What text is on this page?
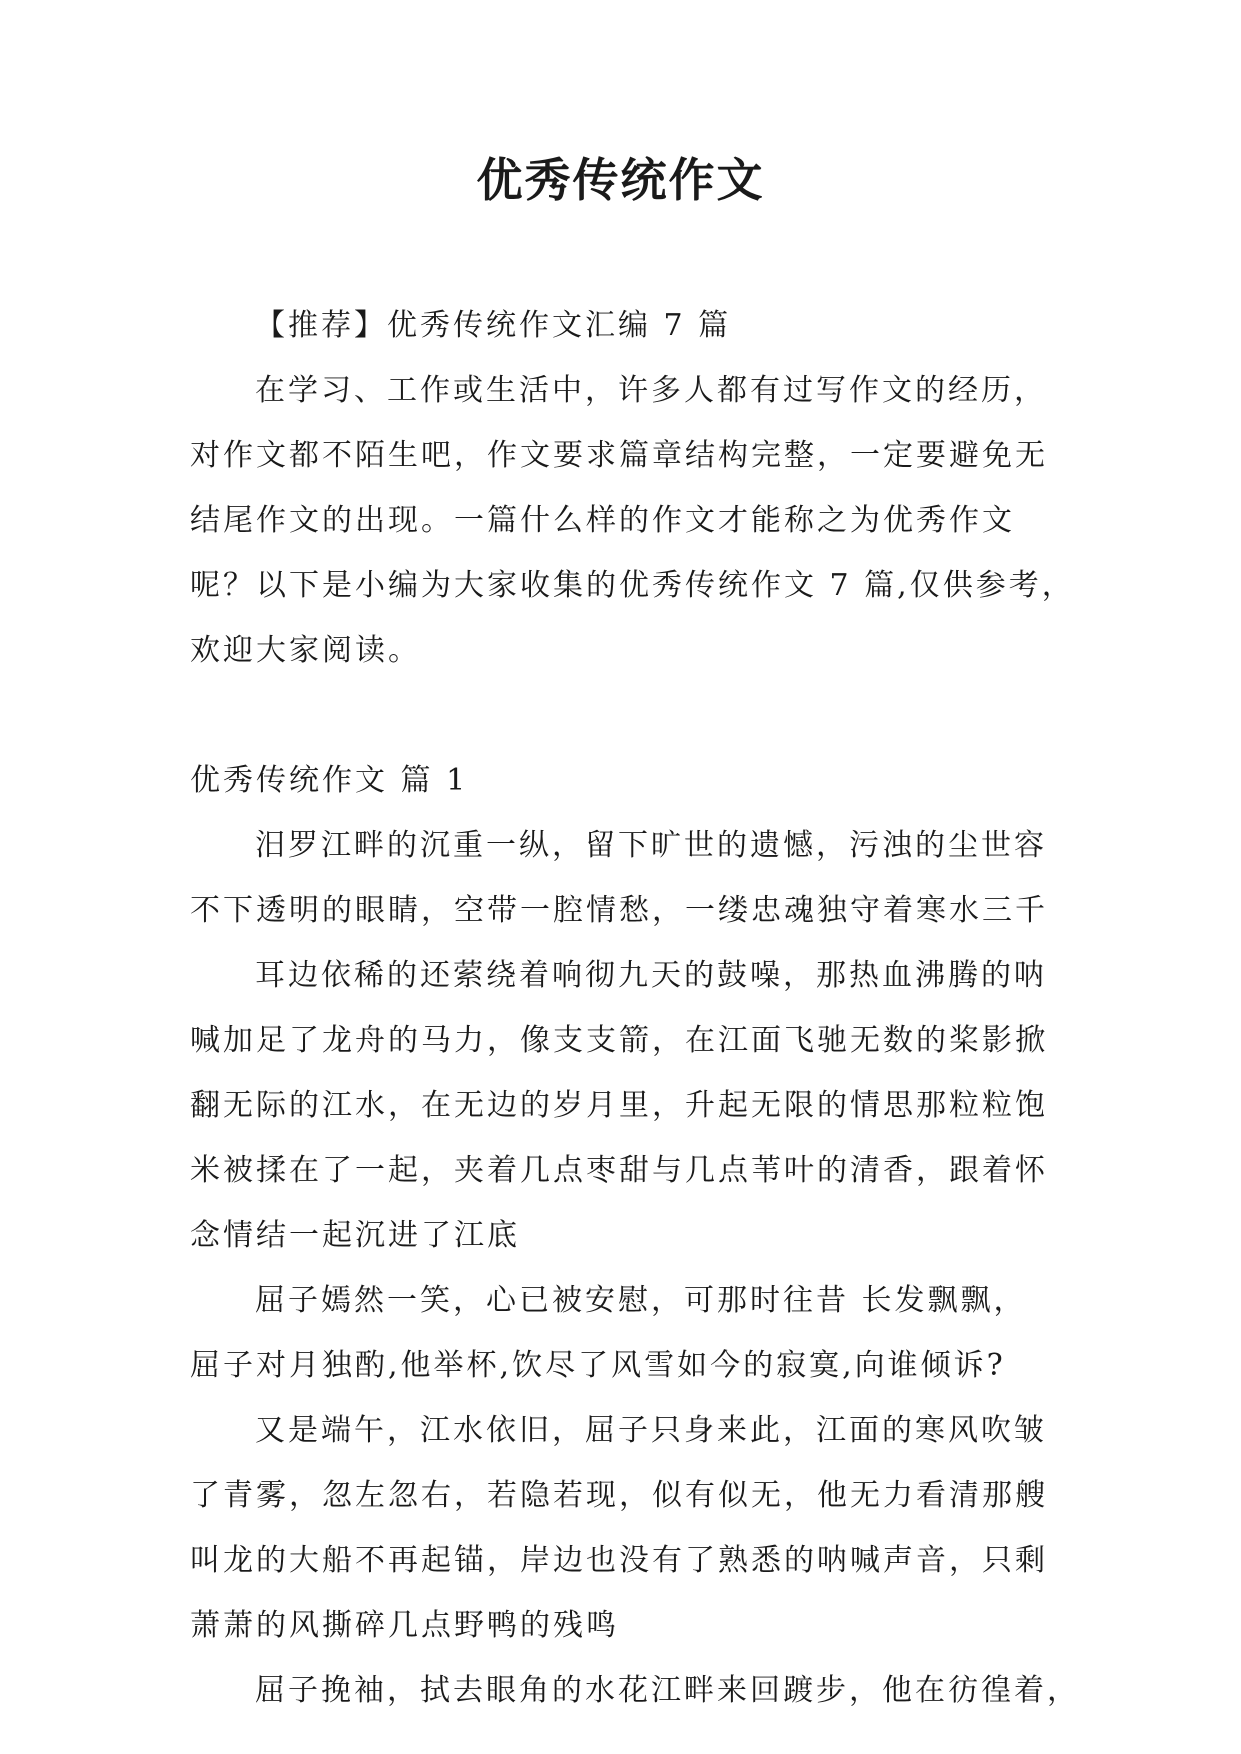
优秀传统作文

【推荐】优秀传统作文汇编 7 篇

在学习、工作或生活中，许多人都有过写作文的经历，

对作文都不陌生吧，作文要求篇章结构完整，一定要避免无

结尾作文的出现。一篇什么样的作文才能称之为优秀作文

呢？以下是小编为大家收集的优秀传统作文 7 篇,仅供参考，

欢迎大家阅读。

优秀传统作文 篇 1

汨罗江畔的沉重一纵，留下旷世的遗憾，污浊的尘世容

不下透明的眼睛，空带一腔情愁，一缕忠魂独守着寒水三千

耳边依稀的还萦绕着响彻九天的鼓噪，那热血沸腾的呐

喊加足了龙舟的马力，像支支箭，在江面飞驰无数的桨影掀

翻无际的江水，在无边的岁月里，升起无限的情思那粒粒饱

米被揉在了一起，夹着几点枣甜与几点苇叶的清香，跟着怀

念情结一起沉进了江底

屈子嫣然一笑，心已被安慰，可那时往昔 长发飘飘，

屈子对月独酌,他举杯,饮尽了风雪如今的寂寞,向谁倾诉?

又是端午，江水依旧，屈子只身来此，江面的寒风吹皱

了青雾，忽左忽右，若隐若现，似有似无，他无力看清那艘

叫龙的大船不再起锚，岸边也没有了熟悉的呐喊声音，只剩

萧萧的风撕碎几点野鸭的残鸣

屈子挽袖，拭去眼角的水花江畔来回踱步，他在彷徨着，
